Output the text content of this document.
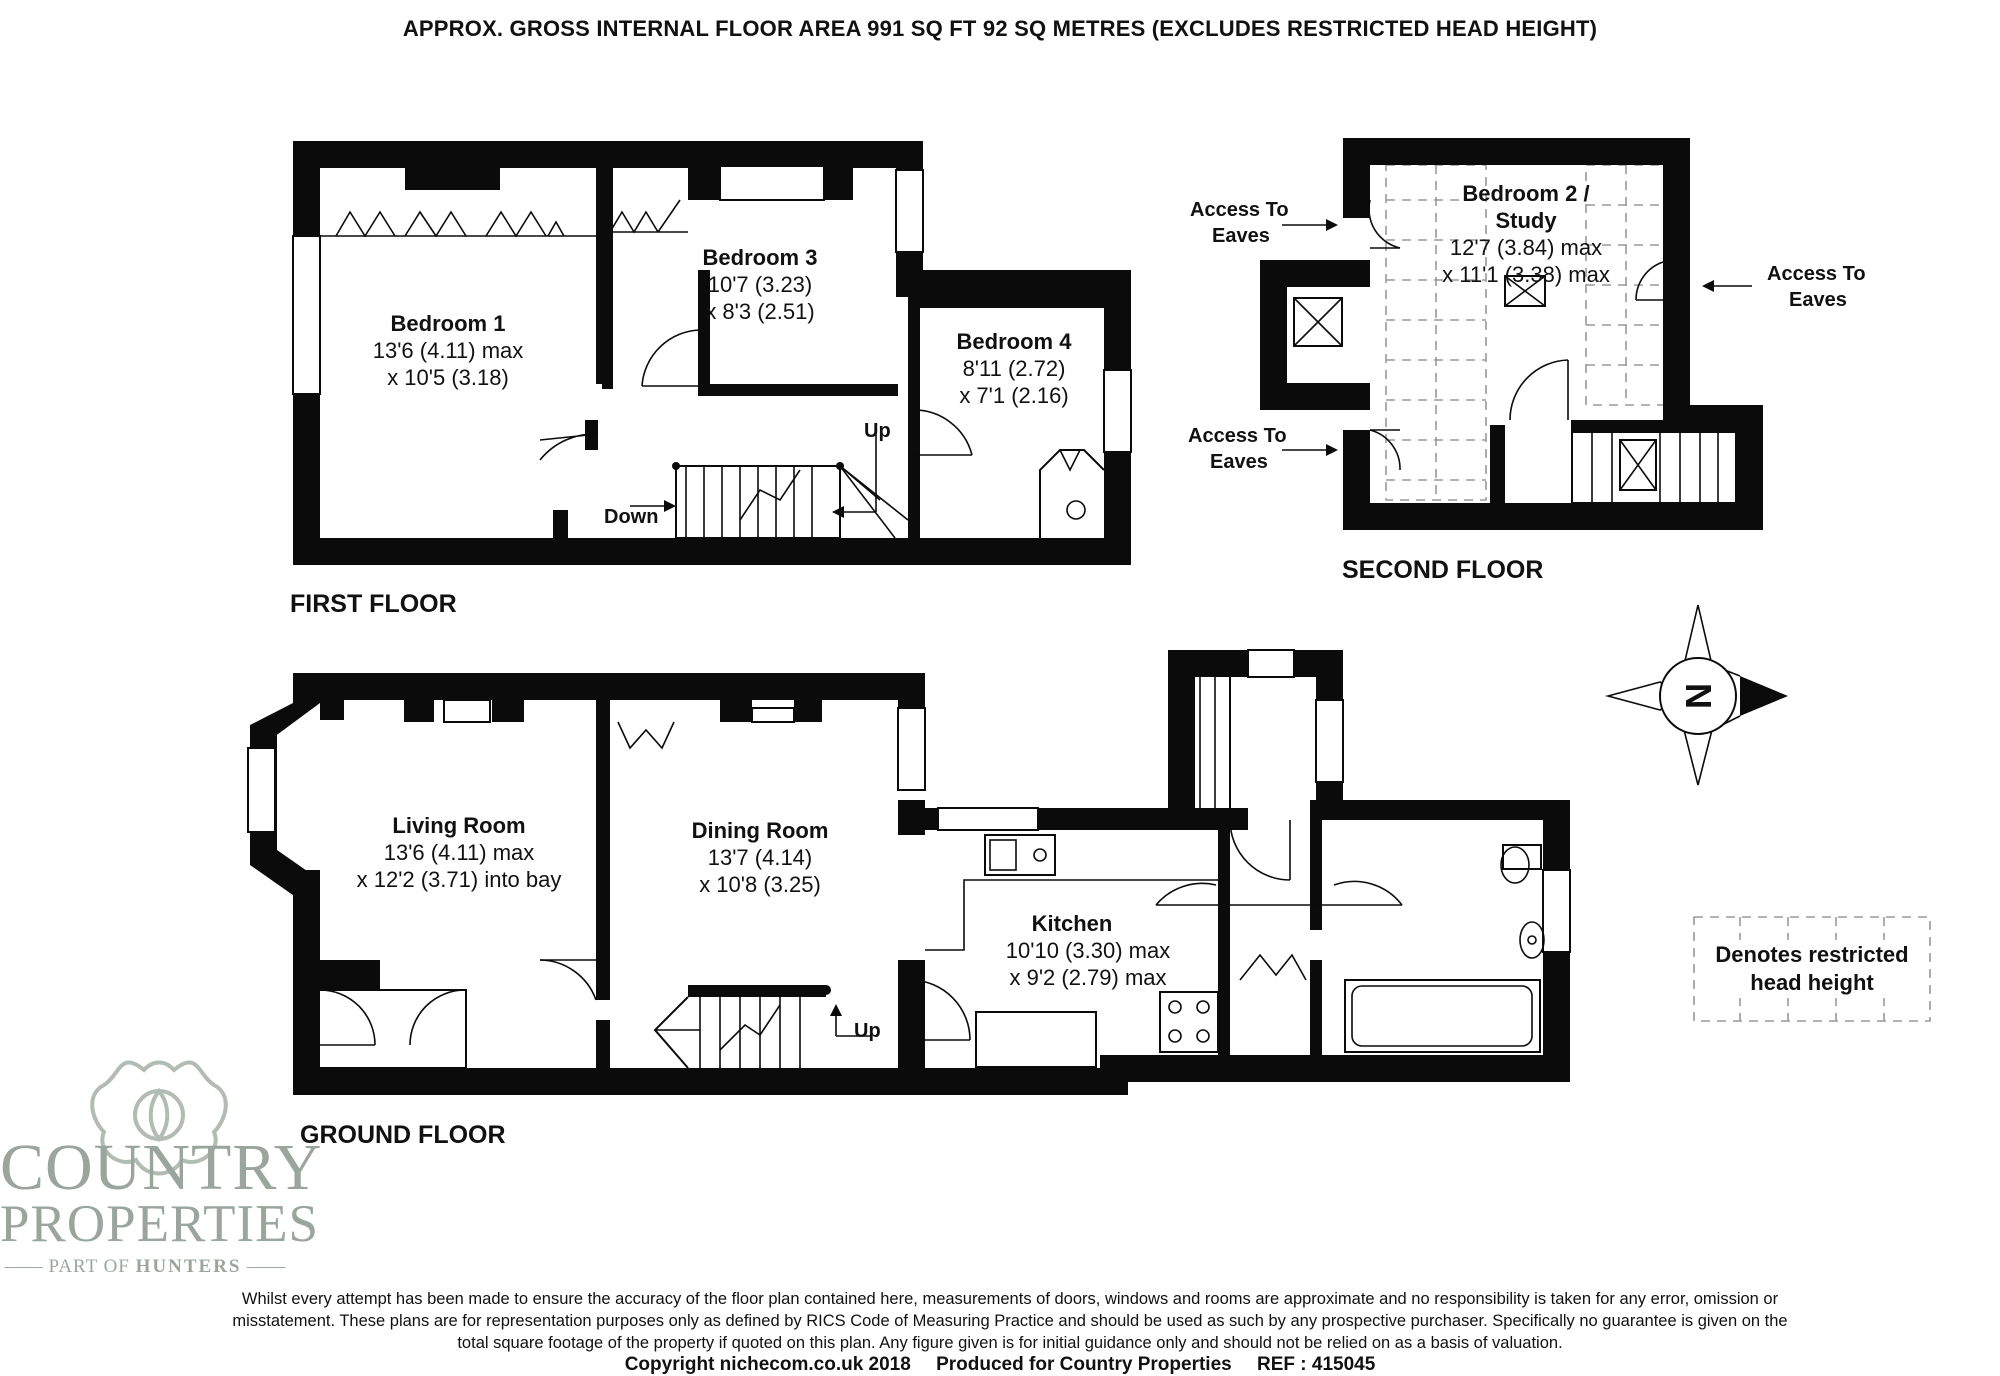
APPROX. GROSS INTERNAL FLOOR AREA 991 SQ FT 92 SQ METRES (EXCLUDES RESTRICTED HEAD HEIGHT)
Bedroom 1
13'6 (4.11) max
x 10'5 (3.18)
Bedroom 3
10'7 (3.23)
x 8'3 (2.51)
Bedroom 4
8'11 (2.72)
x 7'1 (2.16)
Bedroom 2 /
Study
12'7 (3.84) max
x 11'1 (3.38) max
Living Room
13'6 (4.11) max
x 12'2 (3.71) into bay
Dining Room
13'7 (4.14)
x 10'8 (3.25)
Kitchen
10'10 (3.30) max
x 9'2 (2.79) max
Up
Down
Up
Access To
Eaves
Access To
Eaves
Access To
Eaves
FIRST FLOOR
SECOND FLOOR
GROUND FLOOR
N
Denotes restricted
head height
COUNTRY
PROPERTIES
—— PART OF HUNTERS ——
Whilst every attempt has been made to ensure the accuracy of the floor plan contained here, measurements of doors, windows and rooms are approximate and no responsibility is taken for any error, omission or misstatement. These plans are for representation purposes only as defined by RICS Code of Measuring Practice and should be used as such by any prospective purchaser. Specifically no guarantee is given on the total square footage of the property if quoted on this plan. Any figure given is for initial guidance only and should not be relied on as a basis of valuation.
Copyright nichecom.co.uk 2018 Produced for Country Properties REF : 415045
